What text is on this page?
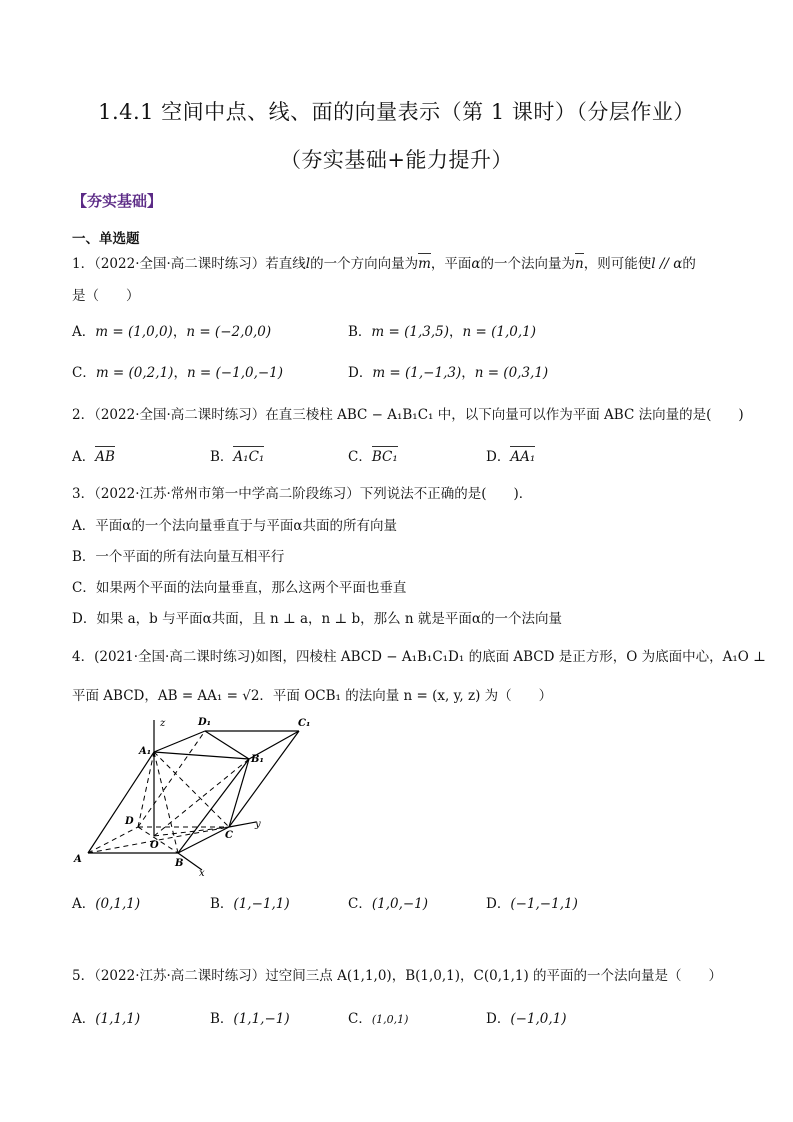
1.4.1 空间中点、线、面的向量表示（第 1 课时）（分层作业）
（夯实基础+能力提升）
【夯实基础】
一、单选题
1．（2022·全国·高二课时练习）若直线l的一个方向向量为m，平面α的一个法向量为n，则可能使l // α的
是（　　）
A．m = (1,0,0)，n = (−2,0,0)	B．m = (1,3,5)，n = (1,0,1)
C．m = (0,2,1)，n = (−1,0,−1)	D．m = (1,−1,3)，n = (0,3,1)
2．（2022·全国·高二课时练习）在直三棱柱 ABC − A₁B₁C₁ 中，以下向量可以作为平面 ABC 法向量的是(　　)
A．AB	B．A₁C₁	C．BC₁	D．AA₁
3．（2022·江苏·常州市第一中学高二阶段练习）下列说法不正确的是(　　)．
A．平面α的一个法向量垂直于与平面α共面的所有向量
B．一个平面的所有法向量互相平行
C．如果两个平面的法向量垂直，那么这两个平面也垂直
D．如果 a，b 与平面α共面，且 n ⊥ a，n ⊥ b，那么 n 就是平面α的一个法向量
4．(2021·全国·高二课时练习)如图，四棱柱 ABCD − A₁B₁C₁D₁ 的底面 ABCD 是正方形，O 为底面中心，A₁O ⊥
平面 ABCD，AB = AA₁ = √2．平面 OCB₁ 的法向量 n = (x, y, z) 为（　　）
z
x
y
A	B
C
D
O
A₁
B₁
C₁
D₁
A．(0,1,1)	B．(1,−1,1)	C．(1,0,−1)	D．(−1,−1,1)
5．（2022·江苏·高二课时练习）过空间三点 A(1,1,0)，B(1,0,1)，C(0,1,1) 的平面的一个法向量是（　　）
A．(1,1,1)	B．(1,1,−1)	C．(1,0,1)	D．(−1,0,1)
